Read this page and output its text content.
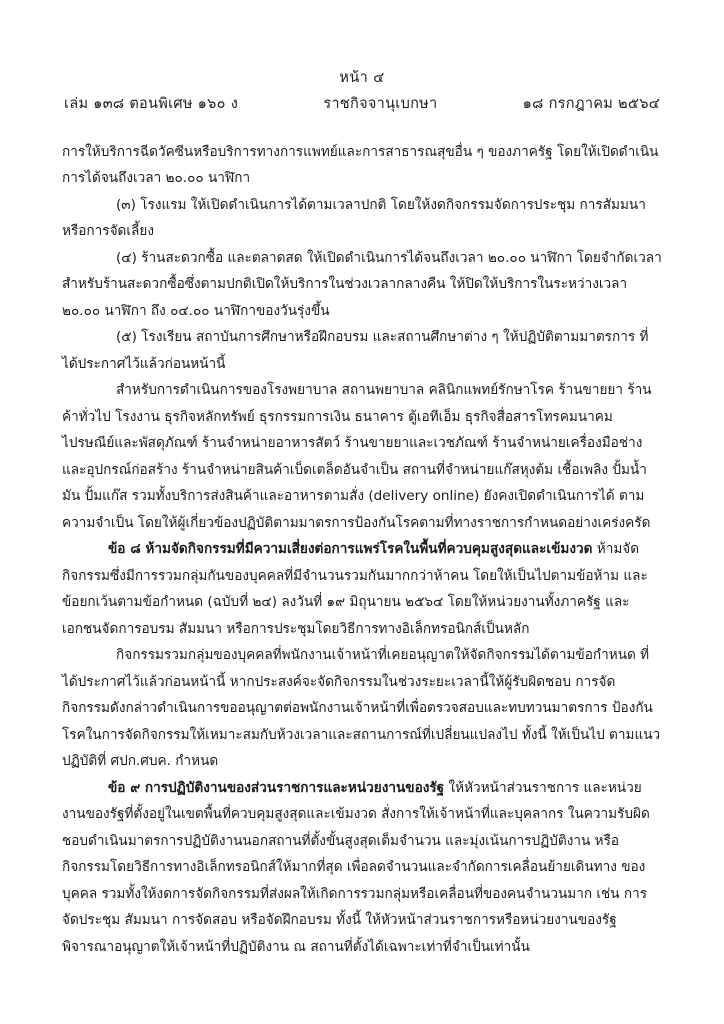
หน้า ๔
เล่ม ๑๓๘ ตอนพิเศษ ๑๖๐ ง	ราชกิจจานุเบกษา	๑๘ กรกฎาคม ๒๕๖๔

การให้บริการฉีดวัคซีนหรือบริการทางการแพทย์และการสาธารณสุขอื่น ๆ ของภาครัฐ โดยให้เปิดดำเนินการได้จนถึงเวลา ๒๐.๐๐ นาฬิกา

(๓) โรงแรม ให้เปิดดำเนินการได้ตามเวลาปกติ โดยให้งดกิจกรรมจัดการประชุม การสัมมนา หรือการจัดเลี้ยง

(๔) ร้านสะดวกซื้อ และตลาดสด ให้เปิดดำเนินการได้จนถึงเวลา ๒๐.๐๐ นาฬิกา โดยจำกัดเวลา สำหรับร้านสะดวกซื้อซึ่งตามปกติเปิดให้บริการในช่วงเวลากลางคืน ให้ปิดให้บริการในระหว่างเวลา ๒๐.๐๐ นาฬิกา ถึง ๐๔.๐๐ นาฬิกาของวันรุ่งขึ้น

(๕) โรงเรียน สถาบันการศึกษาหรือฝึกอบรม และสถานศึกษาต่าง ๆ ให้ปฏิบัติตามมาตรการ ที่ได้ประกาศไว้แล้วก่อนหน้านี้

สำหรับการดำเนินการของโรงพยาบาล สถานพยาบาล คลินิกแพทย์รักษาโรค ร้านขายยา ร้านค้าทั่วไป โรงงาน ธุรกิจหลักทรัพย์ ธุรกรรมการเงิน ธนาคาร ตู้เอทีเอ็ม ธุรกิจสื่อสารโทรคมนาคม ไปรษณีย์และพัสดุภัณฑ์ ร้านจำหน่ายอาหารสัตว์ ร้านขายยาและเวชภัณฑ์ ร้านจำหน่ายเครื่องมือช่าง และอุปกรณ์ก่อสร้าง ร้านจำหน่ายสินค้าเบ็ดเตล็ดอันจำเป็น สถานที่จำหน่ายแก๊สหุงต้ม เชื้อเพลิง ปั้มน้ำมัน ปั้มแก๊ส รวมทั้งบริการส่งสินค้าและอาหารตามสั่ง (delivery online) ยังคงเปิดดำเนินการได้ ตามความจำเป็น โดยให้ผู้เกี่ยวข้องปฏิบัติตามมาตรการป้องกันโรคตามที่ทางราชการกำหนดอย่างเคร่งครัด

ข้อ ๘ ห้ามจัดกิจกรรมที่มีความเสี่ยงต่อการแพร่โรคในพื้นที่ควบคุมสูงสุดและเข้มงวด ห้ามจัดกิจกรรมซึ่งมีการรวมกลุ่มกันของบุคคลที่มีจำนวนรวมกันมากกว่าห้าคน โดยให้เป็นไปตามข้อห้าม และข้อยกเว้นตามข้อกำหนด (ฉบับที่ ๒๔) ลงวันที่ ๑๙ มิถุนายน ๒๕๖๔ โดยให้หน่วยงานทั้งภาครัฐ และเอกชนจัดการอบรม สัมมนา หรือการประชุมโดยวิธีการทางอิเล็กทรอนิกส์เป็นหลัก

กิจกรรมรวมกลุ่มของบุคคลที่พนักงานเจ้าหน้าที่เคยอนุญาตให้จัดกิจกรรมได้ตามข้อกำหนด ที่ได้ประกาศไว้แล้วก่อนหน้านี้ หากประสงค์จะจัดกิจกรรมในช่วงระยะเวลานี้ให้ผู้รับผิดชอบ การจัดกิจกรรมดังกล่าวดำเนินการขออนุญาตต่อพนักงานเจ้าหน้าที่เพื่อตรวจสอบและทบทวนมาตรการ ป้องกันโรคในการจัดกิจกรรมให้เหมาะสมกับห้วงเวลาและสถานการณ์ที่เปลี่ยนแปลงไป ทั้งนี้ ให้เป็นไป ตามแนวปฏิบัติที่ ศปก.ศบค. กำหนด

ข้อ ๙ การปฏิบัติงานของส่วนราชการและหน่วยงานของรัฐ ให้หัวหน้าส่วนราชการ และหน่วยงานของรัฐที่ตั้งอยู่ในเขตพื้นที่ควบคุมสูงสุดและเข้มงวด สั่งการให้เจ้าหน้าที่และบุคลากร ในความรับผิดชอบดำเนินมาตรการปฏิบัติงานนอกสถานที่ตั้งขั้นสูงสุดเต็มจำนวน และมุ่งเน้นการปฏิบัติงาน หรือกิจกรรมโดยวิธีการทางอิเล็กทรอนิกส์ให้มากที่สุด เพื่อลดจำนวนและจำกัดการเคลื่อนย้ายเดินทาง ของบุคคล รวมทั้งให้งดการจัดกิจกรรมที่ส่งผลให้เกิดการรวมกลุ่มหรือเคลื่อนที่ของคนจำนวนมาก เช่น การจัดประชุม สัมมนา การจัดสอบ หรือจัดฝึกอบรม ทั้งนี้ ให้หัวหน้าส่วนราชการหรือหน่วยงานของรัฐ พิจารณาอนุญาตให้เจ้าหน้าที่ปฏิบัติงาน ณ สถานที่ตั้งได้เฉพาะเท่าที่จำเป็นเท่านั้น
